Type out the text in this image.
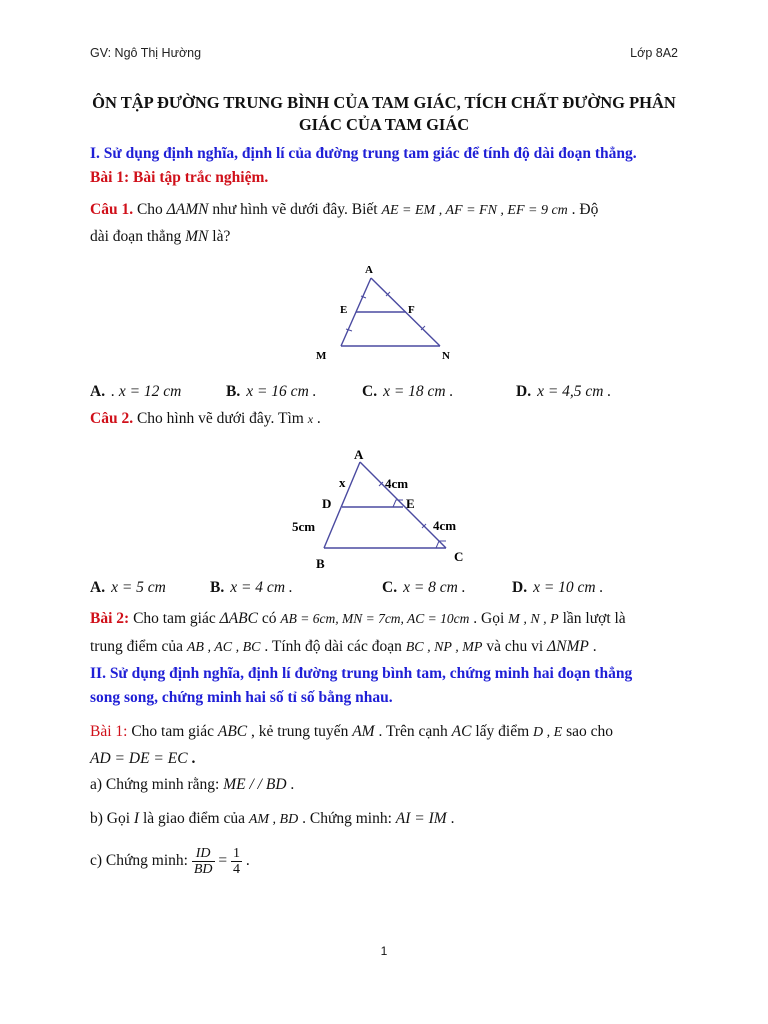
GV: Ngô Thị Hường	Lớp 8A2
ÔN TẬP ĐƯỜNG TRUNG BÌNH CỦA TAM GIÁC, TÍCH CHẤT ĐƯỜNG PHÂN
GIÁC CỦA TAM GIÁC
I. Sử dụng định nghĩa, định lí của đường trung tam giác để tính độ dài đoạn thẳng.
Bài 1: Bài tập trắc nghiệm.
Câu 1. Cho ΔAMN như hình vẽ dưới đây. Biết AE = EM , AF = FN , EF = 9 cm . Độ
dài đoạn thẳng MN là?
A
E	F
M	N
A. . x = 12 cm	B. x = 16 cm .	C. x = 18 cm .	D. x = 4,5 cm .
Câu 2. Cho hình vẽ dưới đây. Tìm x .
A
x	4cm
D	E
5cm	4cm
B	C
A. x = 5 cm	B. x = 4 cm .	C. x = 8 cm .	D. x = 10 cm .
Bài 2: Cho tam giác ΔABC có AB = 6cm, MN = 7cm, AC = 10cm . Gọi M , N , P lần lượt là
trung điểm của AB , AC , BC . Tính độ dài các đoạn BC , NP , MP và chu vi ΔNMP .
II. Sử dụng định nghĩa, định lí đường trung bình tam, chứng minh hai đoạn thẳng
song song, chứng minh hai số tỉ số bằng nhau.
Bài 1: Cho tam giác ABC , kẻ trung tuyến AM . Trên cạnh AC lấy điểm D , E sao cho
AD = DE = EC .
a) Chứng minh rằng: ME / / BD .
b) Gọi I là giao điểm của AM , BD . Chứng minh: AI = IM .
c) Chứng minh: $\frac{ID}{BD} = \frac{1}{4}$ .
1
